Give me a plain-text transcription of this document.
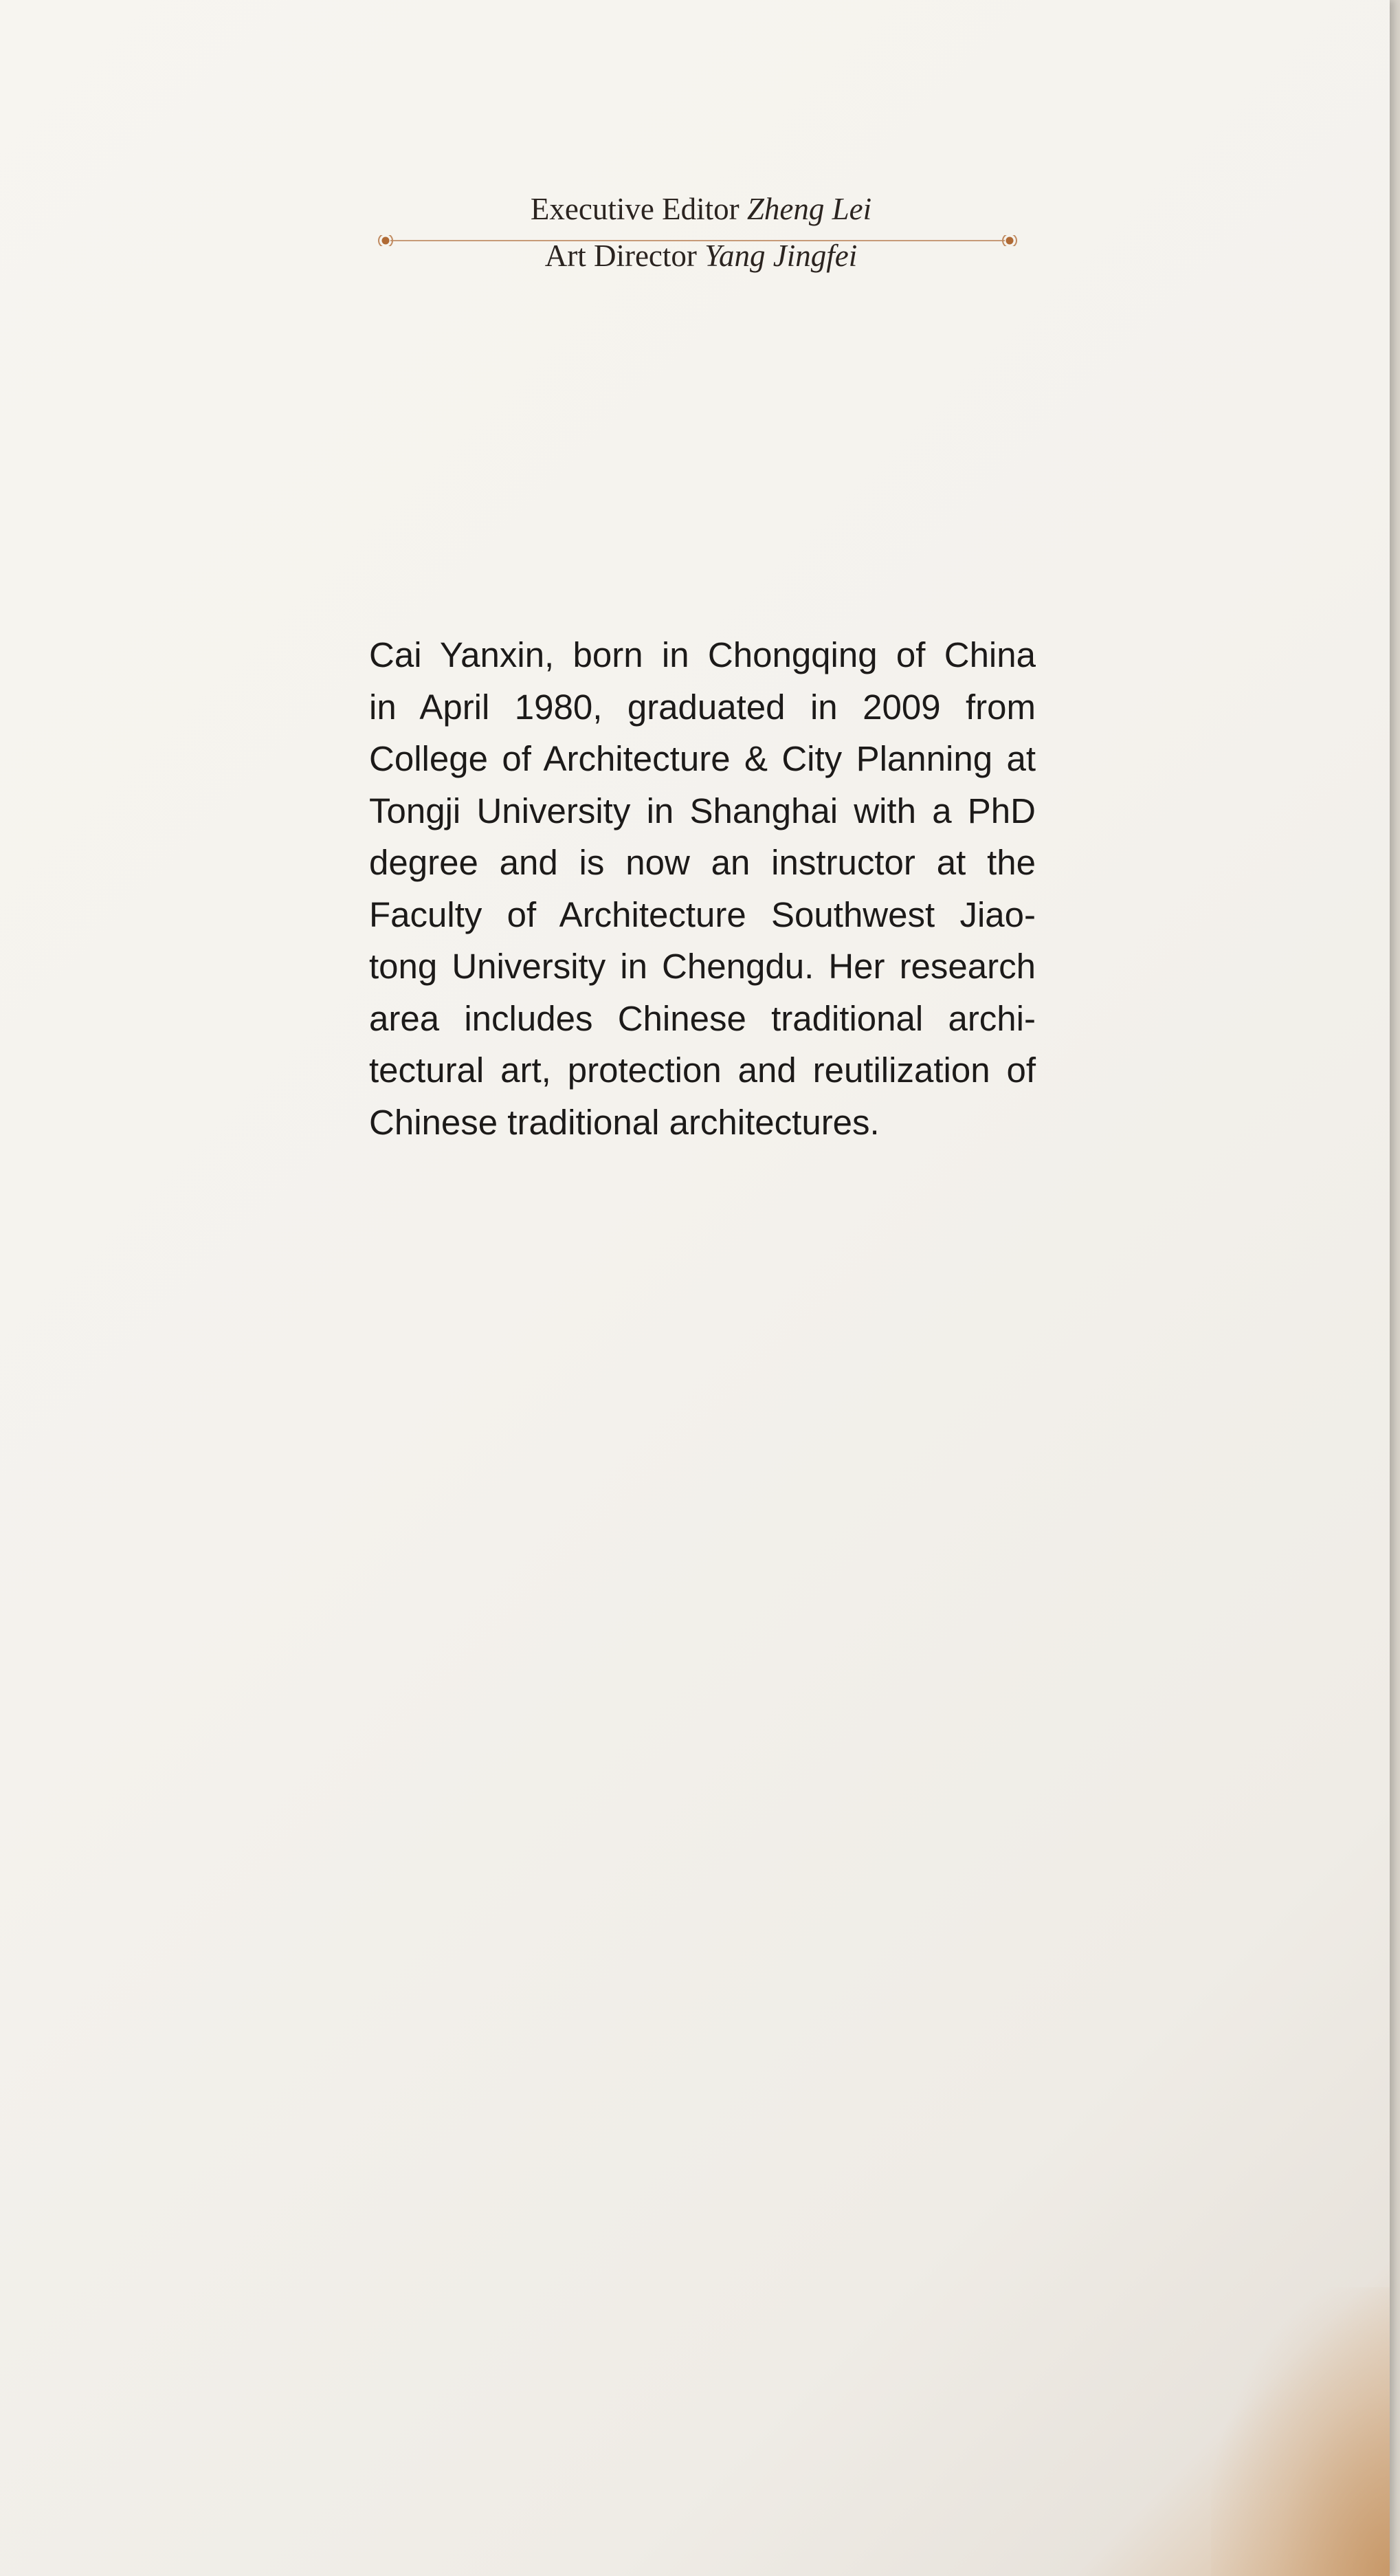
Executive Editor Zheng Lei
Art Director Yang Jingfei
Cai Yanxin, born in Chongqing of China
in April 1980, graduated in 2009 from
College of Architecture & City Planning at
Tongji University in Shanghai with a PhD
degree and is now an instructor at the
Faculty of Architecture Southwest Jiao-
tong University in Chengdu. Her research
area includes Chinese traditional archi-
tectural art, protection and reutilization of
Chinese traditional architectures.
